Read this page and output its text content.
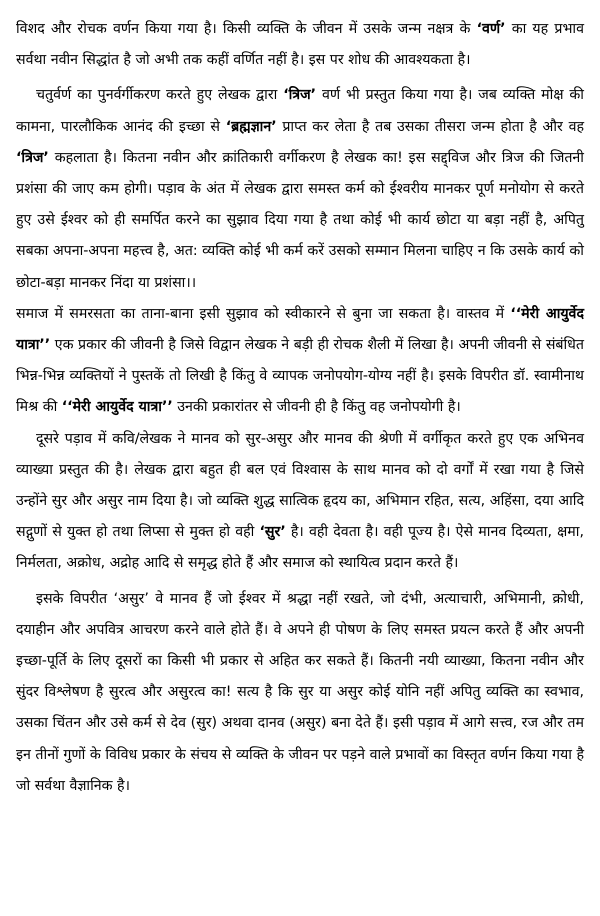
विशद और रोचक वर्णन किया गया है। किसी व्यक्ति के जीवन में उसके जन्म नक्षत्र के ‘वर्ण’ का यह प्रभाव सर्वथा नवीन सिद्धांत है जो अभी तक कहीं वर्णित नहीं है। इस पर शोध की आवश्यकता है।

चतुर्वर्ण का पुनर्वर्गीकरण करते हुए लेखक द्वारा ‘त्रिज’ वर्ण भी प्रस्तुत किया गया है। जब व्यक्ति मोक्ष की कामना, पारलौकिक आनंद की इच्छा से ‘ब्रह्मज्ञान’ प्राप्त कर लेता है तब उसका तीसरा जन्म होता है और वह ‘त्रिज’ कहलाता है। कितना नवीन और क्रांतिकारी वर्गीकरण है लेखक का! इस सद्द्विज और त्रिज की जितनी प्रशंसा की जाए कम होगी। पड़ाव के अंत में लेखक द्वारा समस्त कर्म को ईश्वरीय मानकर पूर्ण मनोयोग से करते हुए उसे ईश्वर को ही समर्पित करने का सुझाव दिया गया है तथा कोई भी कार्य छोटा या बड़ा नहीं है, अपितु सबका अपना-अपना महत्त्व है, अत: व्यक्ति कोई भी कर्म करें उसको सम्मान मिलना चाहिए न कि उसके कार्य को छोटा-बड़ा मानकर निंदा या प्रशंसा।।

समाज में समरसता का ताना-बाना इसी सुझाव को स्वीकारने से बुना जा सकता है। वास्तव में ‘‘मेरी आयुर्वेद यात्रा’’ एक प्रकार की जीवनी है जिसे विद्वान लेखक ने बड़ी ही रोचक शैली में लिखा है। अपनी जीवनी से संबंधित भिन्न-भिन्न व्यक्तियों ने पुस्तकें तो लिखी है किंतु वे व्यापक जनोपयोग-योग्य नहीं है। इसके विपरीत डॉ. स्वामीनाथ मिश्र की ‘‘मेरी आयुर्वेद यात्रा’’ उनकी प्रकारांतर से जीवनी ही है किंतु वह जनोपयोगी है।

दूसरे पड़ाव में कवि/लेखक ने मानव को सुर-असुर और मानव की श्रेणी में वर्गीकृत करते हुए एक अभिनव व्याख्या प्रस्तुत की है। लेखक द्वारा बहुत ही बल एवं विश्वास के साथ मानव को दो वर्गों में रखा गया है जिसे उन्होंने सुर और असुर नाम दिया है। जो व्यक्ति शुद्ध सात्विक हृदय का, अभिमान रहित, सत्य, अहिंसा, दया आदि सद्गुणों से युक्त हो तथा लिप्सा से मुक्त हो वही ‘सुर’ है। वही देवता है। वही पूज्य है। ऐसे मानव दिव्यता, क्षमा, निर्मलता, अक्रोध, अद्रोह आदि से समृद्ध होते हैं और समाज को स्थायित्व प्रदान करते हैं।

इसके विपरीत ‘असुर’ वे मानव हैं जो ईश्वर में श्रद्धा नहीं रखते, जो दंभी, अत्याचारी, अभिमानी, क्रोधी, दयाहीन और अपवित्र आचरण करने वाले होते हैं। वे अपने ही पोषण के लिए समस्त प्रयत्न करते हैं और अपनी इच्छा-पूर्ति के लिए दूसरों का किसी भी प्रकार से अहित कर सकते हैं। कितनी नयी व्याख्या, कितना नवीन और सुंदर विश्लेषण है सुरत्व और असुरत्व का! सत्य है कि सुर या असुर कोई योनि नहीं अपितु व्यक्ति का स्वभाव, उसका चिंतन और उसे कर्म से देव (सुर) अथवा दानव (असुर) बना देते हैं। इसी पड़ाव में आगे सत्त्व, रज और तम इन तीनों गुणों के विविध प्रकार के संचय से व्यक्ति के जीवन पर पड़ने वाले प्रभावों का विस्तृत वर्णन किया गया है जो सर्वथा वैज्ञानिक है।
